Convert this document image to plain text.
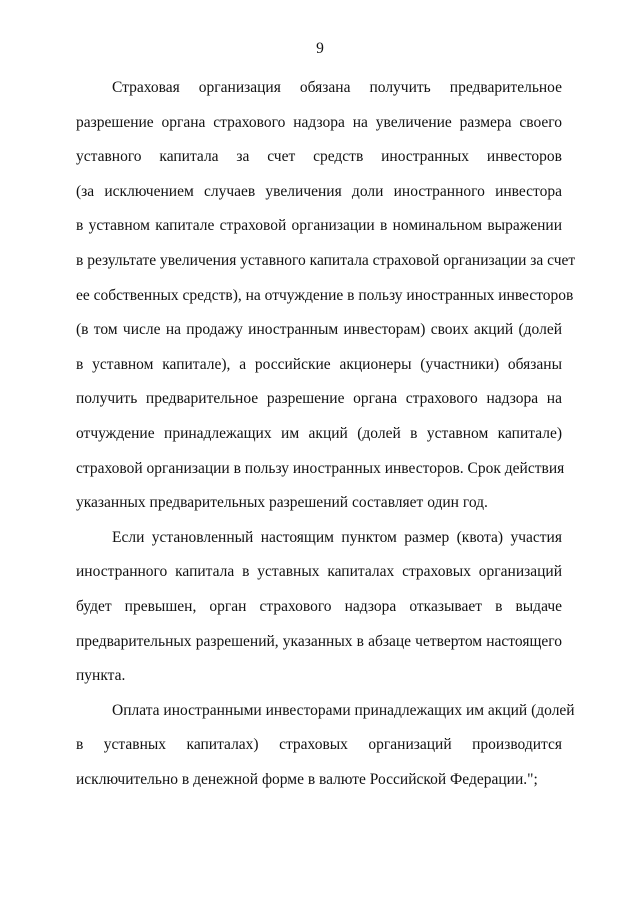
9
Страховая организация обязана получить предварительное
разрешение органа страхового надзора на увеличение размера своего
уставного капитала за счет средств иностранных инвесторов
(за исключением случаев увеличения доли иностранного инвестора
в уставном капитале страховой организации в номинальном выражении
в результате увеличения уставного капитала страховой организации за счет
ее собственных средств), на отчуждение в пользу иностранных инвесторов
(в том числе на продажу иностранным инвесторам) своих акций (долей
в уставном капитале), а российские акционеры (участники) обязаны
получить предварительное разрешение органа страхового надзора на
отчуждение принадлежащих им акций (долей в уставном капитале)
страховой организации в пользу иностранных инвесторов. Срок действия
указанных предварительных разрешений составляет один год.
Если установленный настоящим пунктом размер (квота) участия
иностранного капитала в уставных капиталах страховых организаций
будет превышен, орган страхового надзора отказывает в выдаче
предварительных разрешений, указанных в абзаце четвертом настоящего
пункта.
Оплата иностранными инвесторами принадлежащих им акций (долей
в уставных капиталах) страховых организаций производится
исключительно в денежной форме в валюте Российской Федерации.";
